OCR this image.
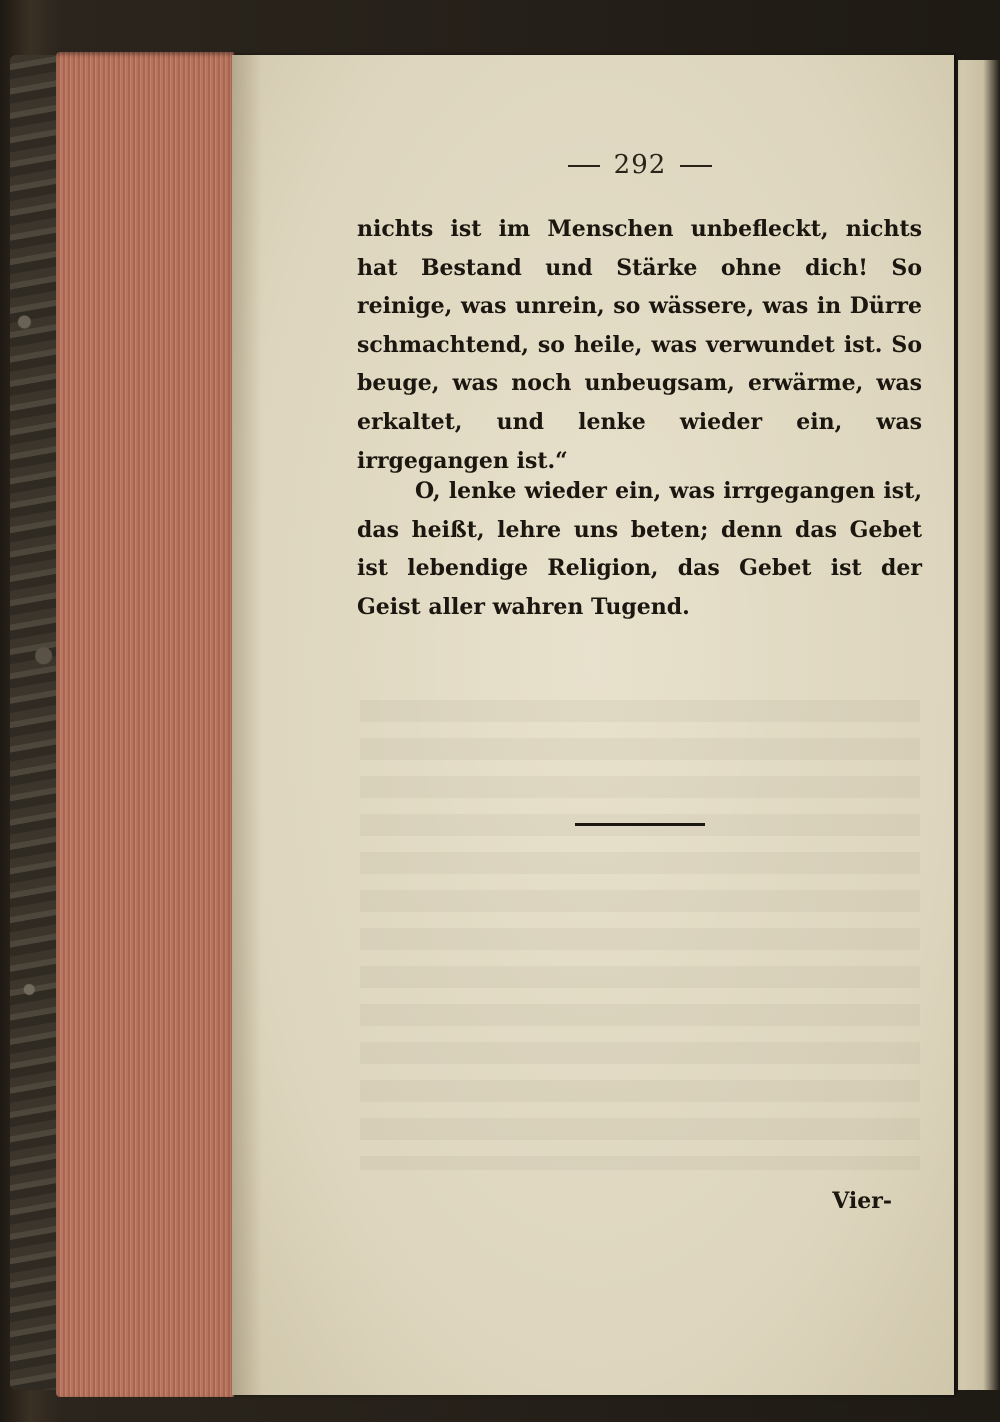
292
nichts ist im Menschen unbefleckt, nichts hat Bestand und Stärke ohne dich! So reinige, was unrein, so wässere, was in Dürre schmachtend, so heile, was verwundet ist. So beuge, was noch unbeugsam, erwärme, was erkaltet, und lenke wieder ein, was irrgegangen ist.“
O, lenke wieder ein, was irrgegangen ist, das heißt, lehre uns beten; denn das Gebet ist lebendige Religion, das Gebet ist der Geist aller wahren Tugend.
Vier-
